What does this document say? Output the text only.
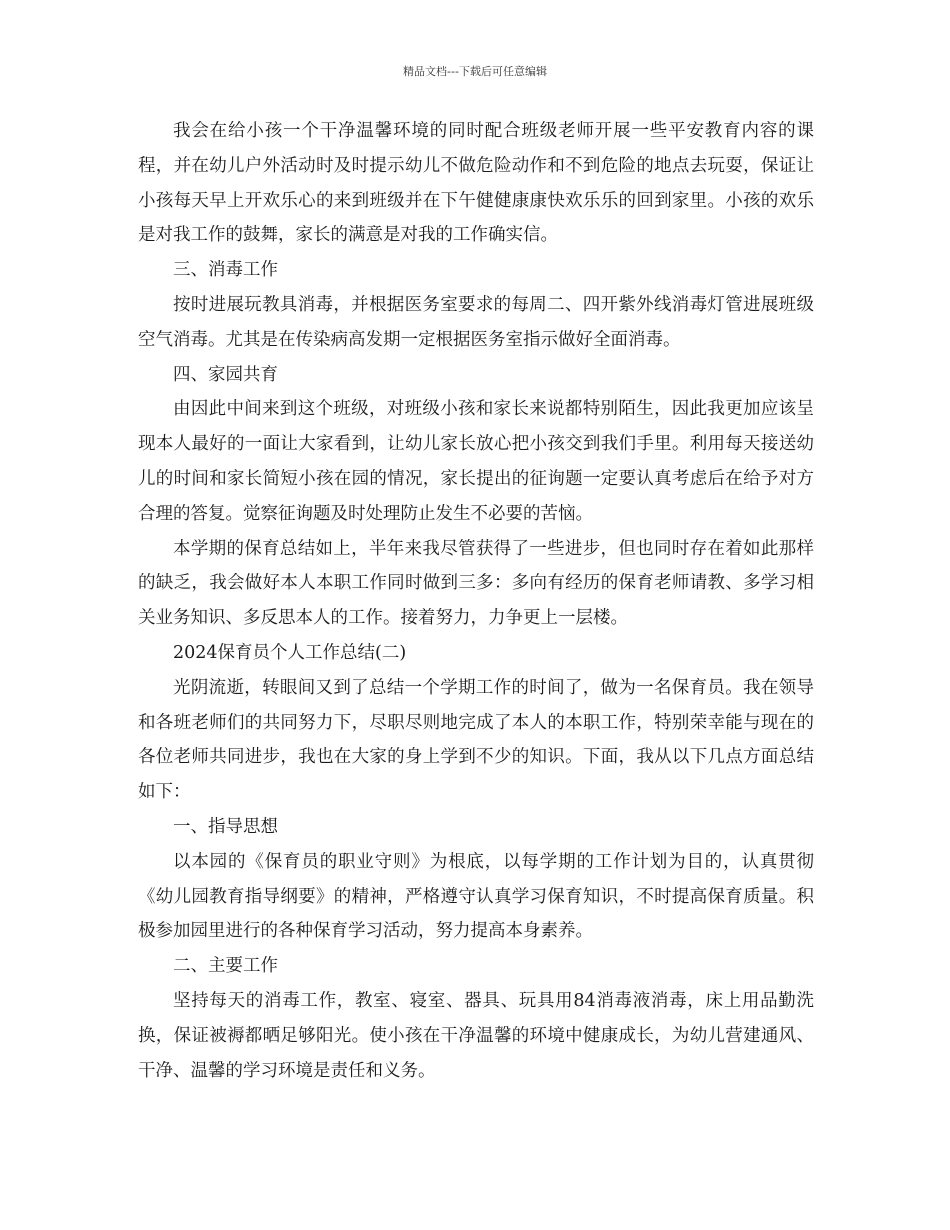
精品文档---下载后可任意编辑

我会在给小孩一个干净温馨环境的同时配合班级老师开展一些平安教育内容的课程，并在幼儿户外活动时及时提示幼儿不做危险动作和不到危险的地点去玩耍，保证让小孩每天早上开欢乐心的来到班级并在下午健健康康快欢乐乐的回到家里。小孩的欢乐是对我工作的鼓舞，家长的满意是对我的工作确实信。

三、消毒工作

按时进展玩教具消毒，并根据医务室要求的每周二、四开紫外线消毒灯管进展班级空气消毒。尤其是在传染病高发期一定根据医务室指示做好全面消毒。

四、家园共育

由因此中间来到这个班级，对班级小孩和家长来说都特别陌生，因此我更加应该呈现本人最好的一面让大家看到，让幼儿家长放心把小孩交到我们手里。利用每天接送幼儿的时间和家长简短小孩在园的情况，家长提出的征询题一定要认真考虑后在给予对方合理的答复。觉察征询题及时处理防止发生不必要的苦恼。

本学期的保育总结如上，半年来我尽管获得了一些进步，但也同时存在着如此那样的缺乏，我会做好本人本职工作同时做到三多：多向有经历的保育老师请教、多学习相关业务知识、多反思本人的工作。接着努力，力争更上一层楼。

2024保育员个人工作总结(二)

光阴流逝，转眼间又到了总结一个学期工作的时间了，做为一名保育员。我在领导和各班老师们的共同努力下，尽职尽则地完成了本人的本职工作，特别荣幸能与现在的各位老师共同进步，我也在大家的身上学到不少的知识。下面，我从以下几点方面总结如下：

一、指导思想

以本园的《保育员的职业守则》为根底，以每学期的工作计划为目的，认真贯彻《幼儿园教育指导纲要》的精神，严格遵守认真学习保育知识，不时提高保育质量。积极参加园里进行的各种保育学习活动，努力提高本身素养。

二、主要工作

坚持每天的消毒工作，教室、寝室、器具、玩具用84消毒液消毒，床上用品勤洗换，保证被褥都晒足够阳光。使小孩在干净温馨的环境中健康成长，为幼儿营建通风、干净、温馨的学习环境是责任和义务。
